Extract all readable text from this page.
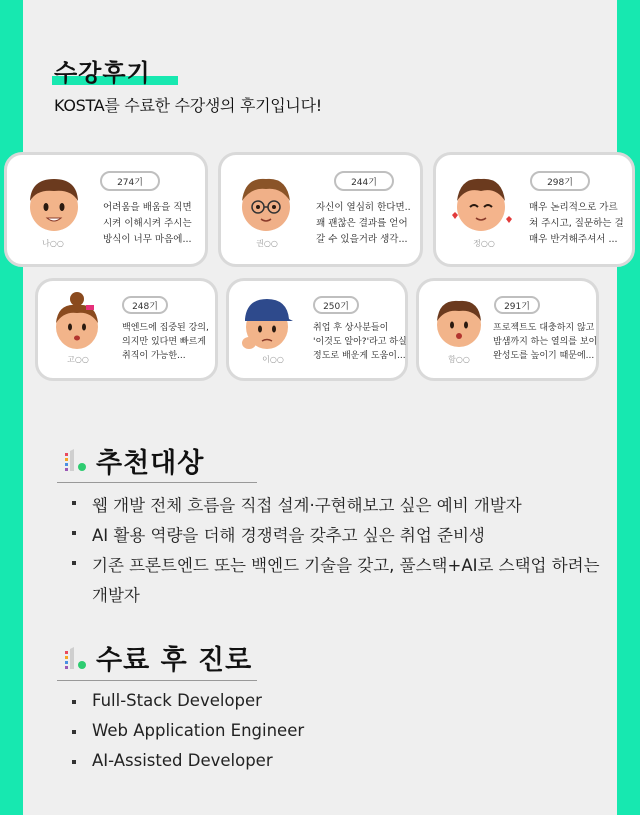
수강후기
KOSTA를 수료한 수강생의 후기입니다!
나○○
274기
어려움을 배움을 직면
시켜 이해시켜 주시는
방식이 너무 마음에...	권○○
244기
자신이 열심히 한다면..
꽤 괜찮은 결과를 얻어
갈 수 있을거라 생각...	정○○
298기
매우 논리적으로 가르
쳐 주시고, 질문하는 걸
매우 반겨해주셔서 ...
고○○
248기
백엔드에 집중된 강의,
의지만 있다면 빠르게
취직이 가능한...	이○○
250기
취업 후 상사분들이
'이것도 알아?'라고 하실
정도로 배운게 도움이...	함○○
291기
프로젝트도 대충하지 않고
밤샘까지 하는 열의를 보이
완성도를 높이기 때문에...
추천대상
웹 개발 전체 흐름을 직접 설계·구현해보고 싶은 예비 개발자
AI 활용 역량을 더해 경쟁력을 갖추고 싶은 취업 준비생
기존 프론트엔드 또는 백엔드 기술을 갖고, 풀스택+AI로 스택업 하려는
개발자
수료 후 진로
Full-Stack Developer
Web Application Engineer
AI-Assisted Developer
